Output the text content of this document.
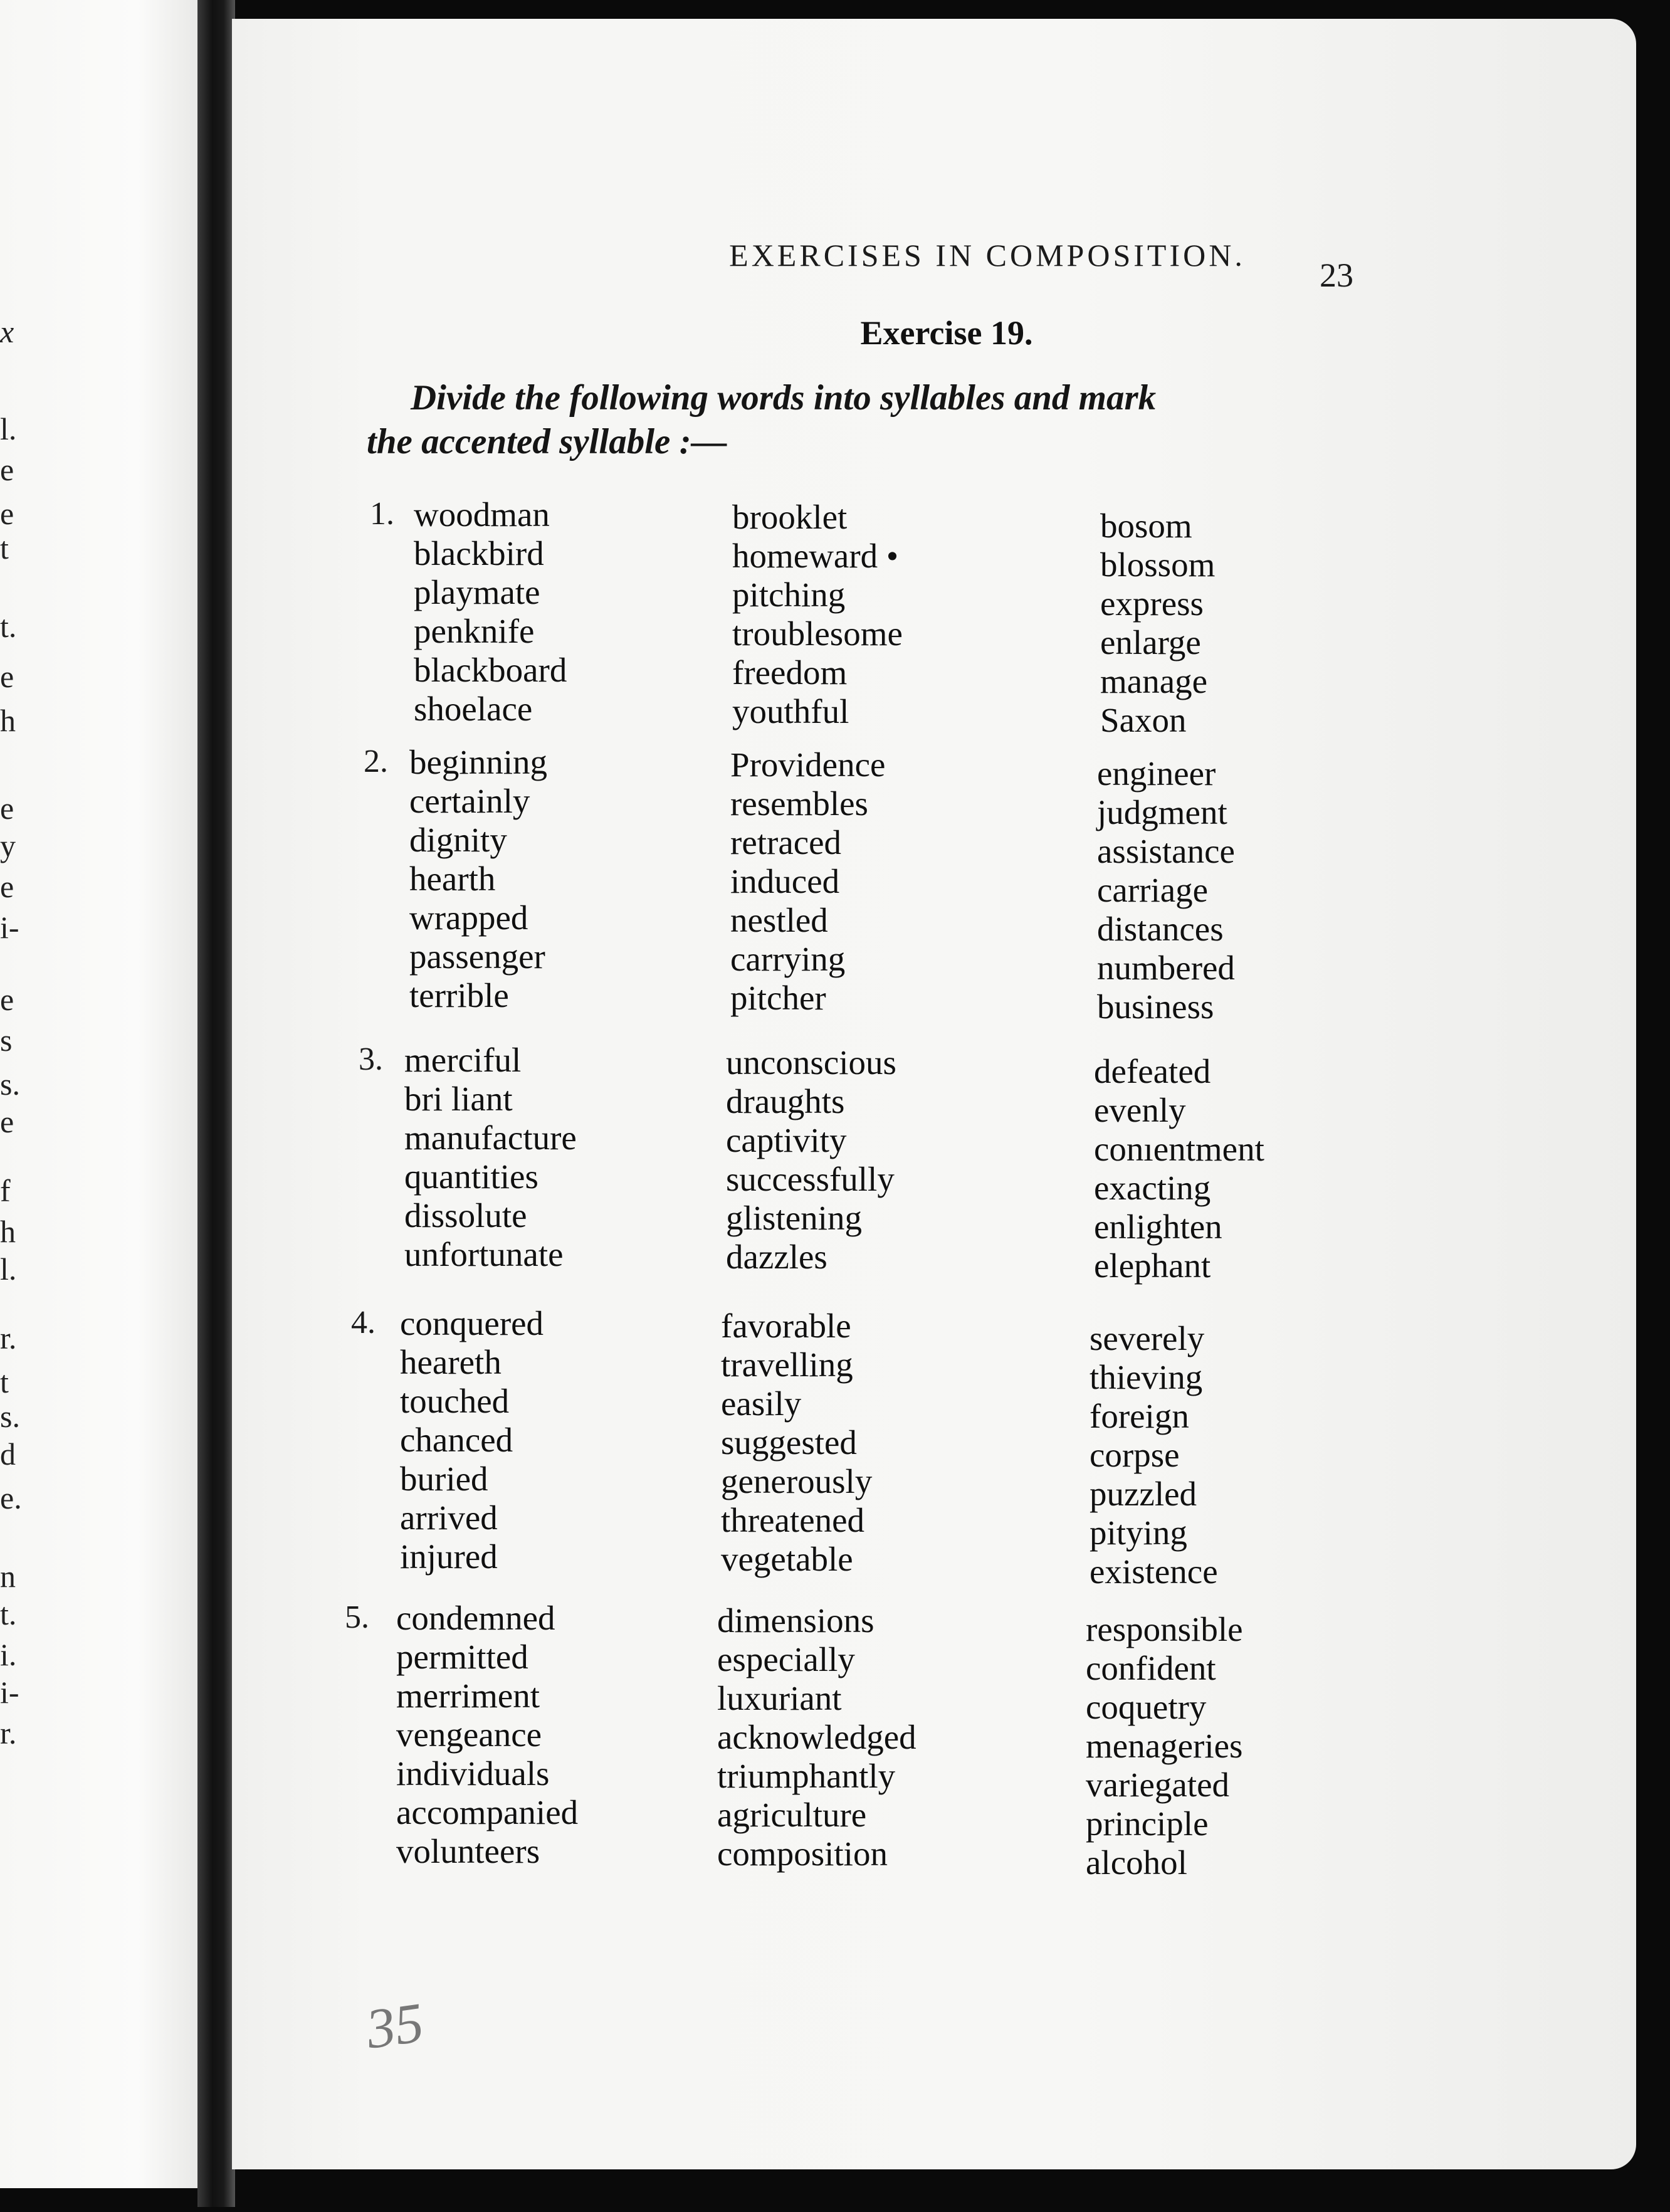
x
l.
e
e
t
t.
e
h
e
y
e
i-
e
s
s.
e
f
h
l.
r.
t
s.
d
e.
n
t.
i.
i-
r.
EXERCISES IN COMPOSITION.
23
Exercise 19.
Divide the following words into syllables and mark
the accented syllable :—
1. woodman
blackbird
playmate
penknife
blackboard
shoelace
brooklet
homeward •
pitching
troublesome
freedom
youthful
bosom
blossom
express
enlarge
manage
Saxon
2. beginning
certainly
dignity
hearth
wrapped
passenger
terrible
Providence
resembles
retraced
induced
nestled
carrying
pitcher
engineer
judgment
assistance
carriage
distances
numbered
business
3. merciful
bri liant
manufacture
quantities
dissolute
unfortunate
unconscious
draughts
captivity
successfully
glistening
dazzles
defeated
evenly
conıentment
exacting
enlighten
elephant
4. conquered
heareth
touched
chanced
buried
arrived
injured
favorable
travelling
easily
suggested
generously
threatened
vegetable
severely
thieving
foreign
corpse
puzzled
pitying
existence
5. condemned
permitted
merriment
vengeance
individuals
accompanied
volunteers
dimensions
especially
luxuriant
acknowledged
triumphantly
agriculture
composition
responsible
confident
coquetry
menageries
variegated
principle
alcohol
35
